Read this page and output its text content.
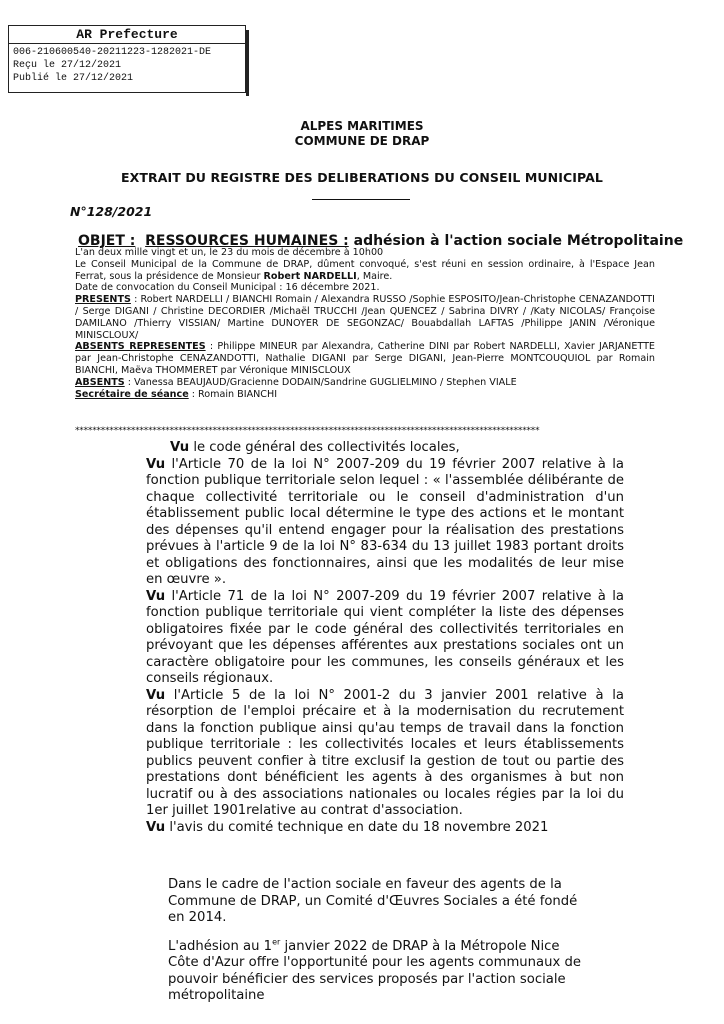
AR Prefecture
006-210600540-20211223-1282021-DE
Reçu le 27/12/2021
Publié le 27/12/2021
ALPES MARITIMES
COMMUNE DE DRAP
EXTRAIT DU REGISTRE DES DELIBERATIONS DU CONSEIL MUNICIPAL
N°128/2021
OBJET : RESSOURCES HUMAINES : adhésion à l'action sociale Métropolitaine

L'an deux mille vingt et un, le 23 du mois de décembre à 10h00

Le Conseil Municipal de la Commune de DRAP, dûment convoqué, s'est réuni en session ordinaire, à l'Espace Jean Ferrat, sous la présidence de Monsieur Robert NARDELLI, Maire.

Date de convocation du Conseil Municipal : 16 décembre 2021.

PRESENTS : Robert NARDELLI / BIANCHI Romain / Alexandra RUSSO /Sophie ESPOSITO/Jean-Christophe CENAZANDOTTI / Serge DIGANI / Christine DECORDIER /Michaël TRUCCHI /Jean QUENCEZ / Sabrina DIVRY / /Katy NICOLAS/ Françoise DAMILANO /Thierry VISSIAN/ Martine DUNOYER DE SEGONZAC/ Bouabdallah LAFTAS /Philippe JANIN /Véronique MINISCLOUX/

ABSENTS REPRESENTES : Philippe MINEUR par Alexandra, Catherine DINI par Robert NARDELLI, Xavier JARJANETTE par Jean-Christophe CENAZANDOTTI, Nathalie DIGANI par Serge DIGANI, Jean-Pierre MONTCOUQUIOL par Romain BIANCHI, Maëva THOMMERET par Véronique MINISCLOUX

ABSENTS : Vanessa BEAUJAUD/Gracienne DODAIN/Sandrine GUGLIELMINO / Stephen VIALE

Secrétaire de séance : Romain BIANCHI

************************************************************************************************************

Vu le code général des collectivités locales,

Vu l'Article 70 de la loi N° 2007-209 du 19 février 2007 relative à la fonction publique territoriale selon lequel : « l'assemblée délibérante de chaque collectivité territoriale ou le conseil d'administration d'un établissement public local détermine le type des actions et le montant des dépenses qu'il entend engager pour la réalisation des prestations prévues à l'article 9 de la loi N° 83-634 du 13 juillet 1983 portant droits et obligations des fonctionnaires, ainsi que les modalités de leur mise en œuvre ».

Vu l'Article 71 de la loi N° 2007-209 du 19 février 2007 relative à la fonction publique territoriale qui vient compléter la liste des dépenses obligatoires fixée par le code général des collectivités territoriales en prévoyant que les dépenses afférentes aux prestations sociales ont un caractère obligatoire pour les communes, les conseils généraux et les conseils régionaux.

Vu l'Article 5 de la loi N° 2001-2 du 3 janvier 2001 relative à la résorption de l'emploi précaire et à la modernisation du recrutement dans la fonction publique ainsi qu'au temps de travail dans la fonction publique territoriale : les collectivités locales et leurs établissements publics peuvent confier à titre exclusif la gestion de tout ou partie des prestations dont bénéficient les agents à des organismes à but non lucratif ou à des associations nationales ou locales régies par la loi du 1er juillet 1901relative au contrat d'association.

Vu l'avis du comité technique en date du 18 novembre 2021

Dans le cadre de l'action sociale en faveur des agents de la Commune de DRAP, un Comité d'Œuvres Sociales a été fondé en 2014.

L'adhésion au 1er janvier 2022 de DRAP à la Métropole Nice Côte d'Azur offre l'opportunité pour les agents communaux de pouvoir bénéficier des services proposés par l'action sociale métropolitaine
